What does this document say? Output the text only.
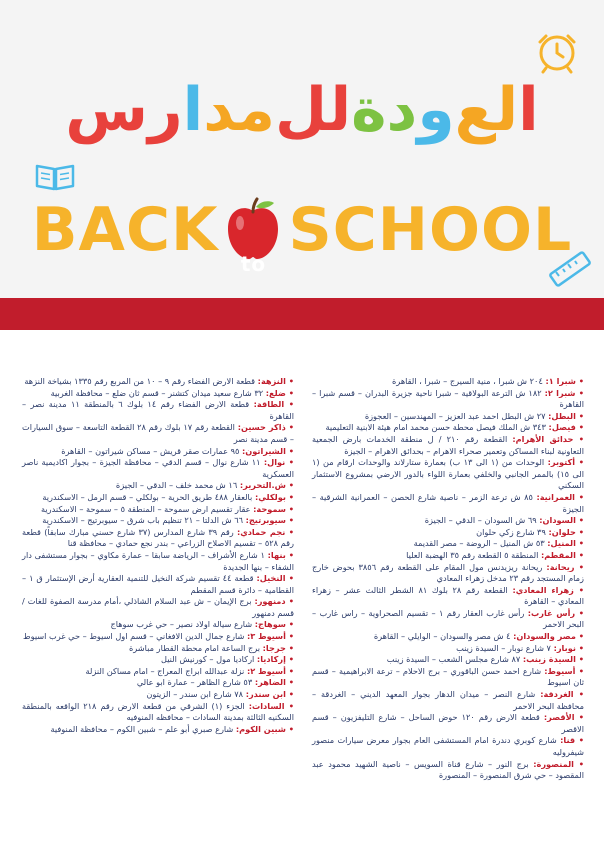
العودةللمدارس
BACK	to SCHOOL

• شبرا ١: ٢٠٤ ش شبرا ، منية السيرج – شبرا ، القاهرة

• شبرا ٢: ١٨٢ ش الترعة البولاقية – شبرا ناحية جزيرة البدران – قسم شبرا – القاهرة

• البطل: ٢٧ ش البطل احمد عبد العزيز – المهندسين – العجوزة

• فيصل: ٣٤٣ ش الملك فيصل محطة حسن محمد امام هيئة الابنية التعليمية

• حدائق الأهرام: القطعة رقم ٢١٠ / ل منطقة الخدمات بارض الجمعية التعاونية لبناء المساكن وتعمير صحراء الاهرام – بحدائق الاهرام – الجيزة

• أكتوبر: الوحدات من (١ الى ١٣ ب) بعمارة ستارلاند والوحدات ارقام من (١ الى ١٥) بالممر الجانبي والخلفي بعمارة اللواء بالدور الارضي بمشروع الاستثمار السكني

• العمرانية: ٨٥ ش ترعة الزمر – ناصية شارع الحصن – العمرانية الشرقية – الجيزة

• السودان: ٦٩ ش السودان – الدقي – الجيزة

• حلوان: ٣٩ شارع زكي حلوان

• المنيل: ٥٣ ش المنيل – الروضة – مصر القديمة

• المقطم: المنطقة ٥ القطعة رقم ٣٥ الهضبة العليا

• ريحانة: ريحانة ريزيدنس مول المقام على القطعة رقم ٣٨٥٦ بحوض خارج زمام المستجد رقم ٢٣ مدخل زهراء المعادي

• زهراء المعادي: القطعة رقم ٢٨ بلوك ٨١ الشطر الثالث عشر – زهراء المعادي – القاهرة

• رأس غارب: رأس غارب العقار رقم ١ – تقسيم الصحراوية – راس غارب – البحر الاحمر

• مصر والسودان: ٤ ش مصر والسودان – الوايلي – القاهرة

• نوبار: ٧ شارع نوبار – السيدة زينب

• السيدة زينب: ٨٧ شارع مجلس الشعب – السيدة زينب

• أسيوط: شارع احمد حسن الباقوري – برج الاحلام – ترعة الابراهيمية – قسم ثان اسيوط

• الغردقة: شارع النصر – ميدان الدهار بجوار المعهد الديني – الغردقة – محافظة البحر الاحمر

• الأقصر: قطعة الارض رقم ١٢٠ حوض الساحل – شارع التليفزيون – قسم الاقصر

• قنا: شارع كوبري دندرة امام المستشفى العام بجوار معرض سيارات منصور شيفروليه

• المنصورة: برج النور – شارع قناة السويس – ناصية الشهيد محمود عبد المقصود – حي شرق المنصورة – المنصورة

• النزهة: قطعة الارض الفضاء رقم ٩ – ١٠ من المربع رقم ١٣٣٥ بشياخة النزهة

• ضلع: ٣٢ شارع سعيد ميدان كتشنر – قسم ثان ضلع – محافظة الغربية

• الطاقة: قطعة الارض الفضاء رقم ١٤ بلوك ٦ بالمنطقة ١١ مدينة نصر – القاهرة

• ذاكر حسين: القطعة رقم ١٧ بلوك رقم ٢٨ القطعة التاسعة – سوق السيارات – قسم مدينة نصر

• الشيراتون: ٩٥ عمارات صقر قريش – مساكن شيراتون – القاهرة

• نوال: ١١ شارع نوال – قسم الدقي – محافظة الجيزة – بجوار اكاديمية ناصر العسكرية

• ش.التحرير: ١٦ ش محمد خلف – الدقي – الجيزة

• بولكلي: بالعقار ٤٨٨ طريق الحرية – بولكلي – قسم الرمل – الاسكندرية

• سموحة: عقار تقسيم ارض سموحة – المنطقة ٥ – سموحة – الاسكندرية

• سيوبرتيج: ٦٦ ش الدلتا – ٢١ تنظيم باب شرق – سيوبرتيج – الاسكندرية

• نجم حمادي: رقم ٣٩ شارع المدارس (٣٧ شارع حسني مبارك سابقاً) قطعة رقم ٥٢٨ – تقسيم الاصلاح الزراعي – بندر نجع حمادي – محافظة قنا

• بنها: ١ شارع الأشراف – الرياضة سابقا – عمارة مكاوي – بجوار مستشفى دار الشفاء – بنها الجديدة

• النخيل: قطعة ٤٤ تقسيم شركة النخيل للتنمية العقارية أرض الإستثمار ق ١ – القطامية – دائرة قسم المقطم

• دمنهور: برج الإيمان – ش عبد السلام الشاذلي ،أمام مدرسة الصفوة للغات /قسم دمنهور

• سوهاج: شارع سيالة اولاد نصير – حي غرب سوهاج

• أسيوط ٣: شارع جمال الدين الافغاني – قسم اول اسيوط – حي غرب اسيوط

• جرجا: برج الساعة امام محطة القطار مباشرة

• إركاديا: اركاديا مول – كورنيش النيل

• أسيوط ٢: نزلة عبدالله ابراج المعراج – امام مساكن النزلة

• الضاهر: ٥٣ شارع الظاهر – عمارة ابو عالي

• ابن سندر: ٧٨ شارع ابن سندر – الزيتون

• السادات: الجزء (١) الشرقي من قطعة الارض رقم ٢١٨ الواقعه بالمنطقة السكنيه الثالثة بمدينة السادات – محافظه المنوفيه

• شبين الكوم: شارع صبري أبو علم – شبين الكوم – محافظة المنوفية
